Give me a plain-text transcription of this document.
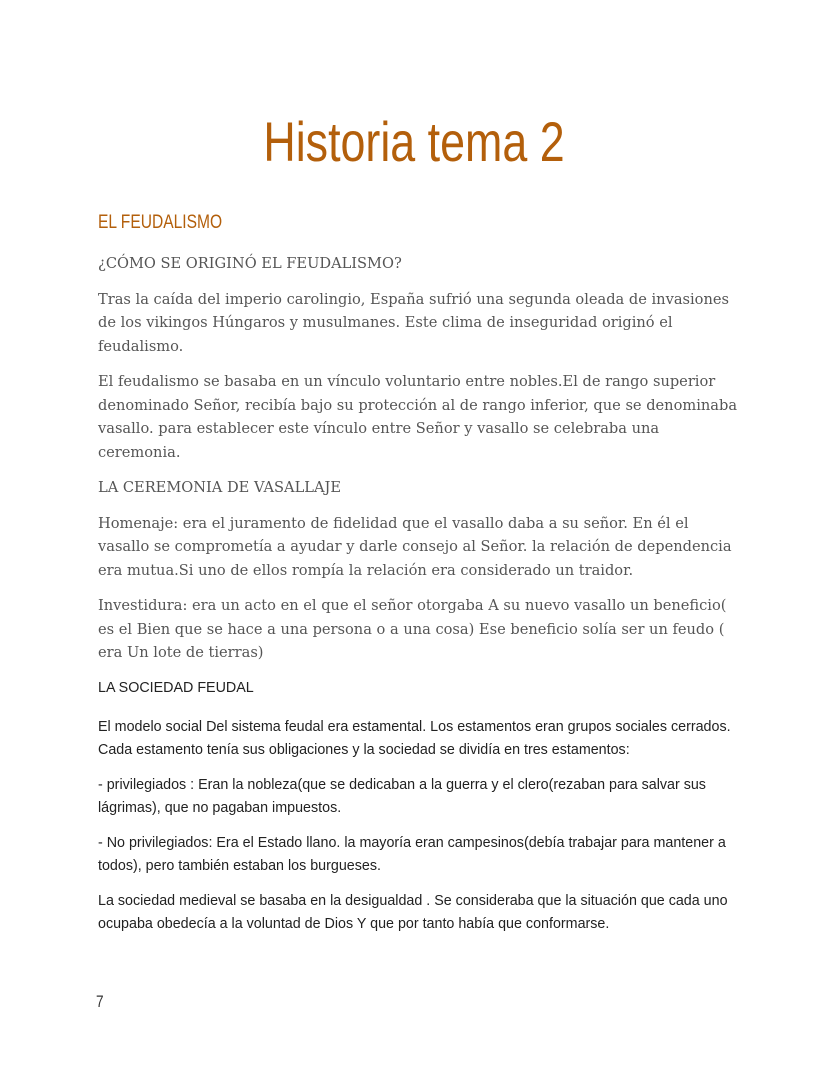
Historia tema 2
EL FEUDALISMO

¿CÓMO SE ORIGINÓ EL FEUDALISMO?

Tras la caída del imperio carolingio, España sufrió una segunda oleada de invasiones de los vikingos Húngaros y musulmanes. Este clima de inseguridad originó el feudalismo.

El feudalismo se basaba en un vínculo voluntario entre nobles.El de rango superior denominado Señor, recibía bajo su protección al de rango inferior, que se denominaba vasallo. para establecer este vínculo entre Señor y vasallo se celebraba una ceremonia.

LA CEREMONIA DE VASALLAJE

Homenaje: era el juramento de fidelidad que el vasallo daba a su señor. En él el vasallo se comprometía a ayudar y darle consejo al Señor. la relación de dependencia era mutua.Si uno de ellos rompía la relación era considerado un traidor.

Investidura: era un acto en el que el señor otorgaba A su nuevo vasallo un beneficio( es el Bien que se hace a una persona o a una cosa) Ese beneficio solía ser un feudo ( era Un lote de tierras)

LA SOCIEDAD FEUDAL

El modelo social Del sistema feudal era estamental. Los estamentos eran grupos sociales cerrados. Cada estamento tenía sus obligaciones y la sociedad se dividía en tres estamentos:

- privilegiados : Eran la nobleza(que se dedicaban a la guerra y el clero(rezaban para salvar sus lágrimas), que no pagaban impuestos.

- No privilegiados: Era el Estado llano. la mayoría eran campesinos(debía trabajar para mantener a todos), pero también estaban los burgueses.

La sociedad medieval se basaba en la desigualdad . Se consideraba que la situación que cada uno ocupaba obedecía a la voluntad de Dios Y que por tanto había que conformarse.

7
